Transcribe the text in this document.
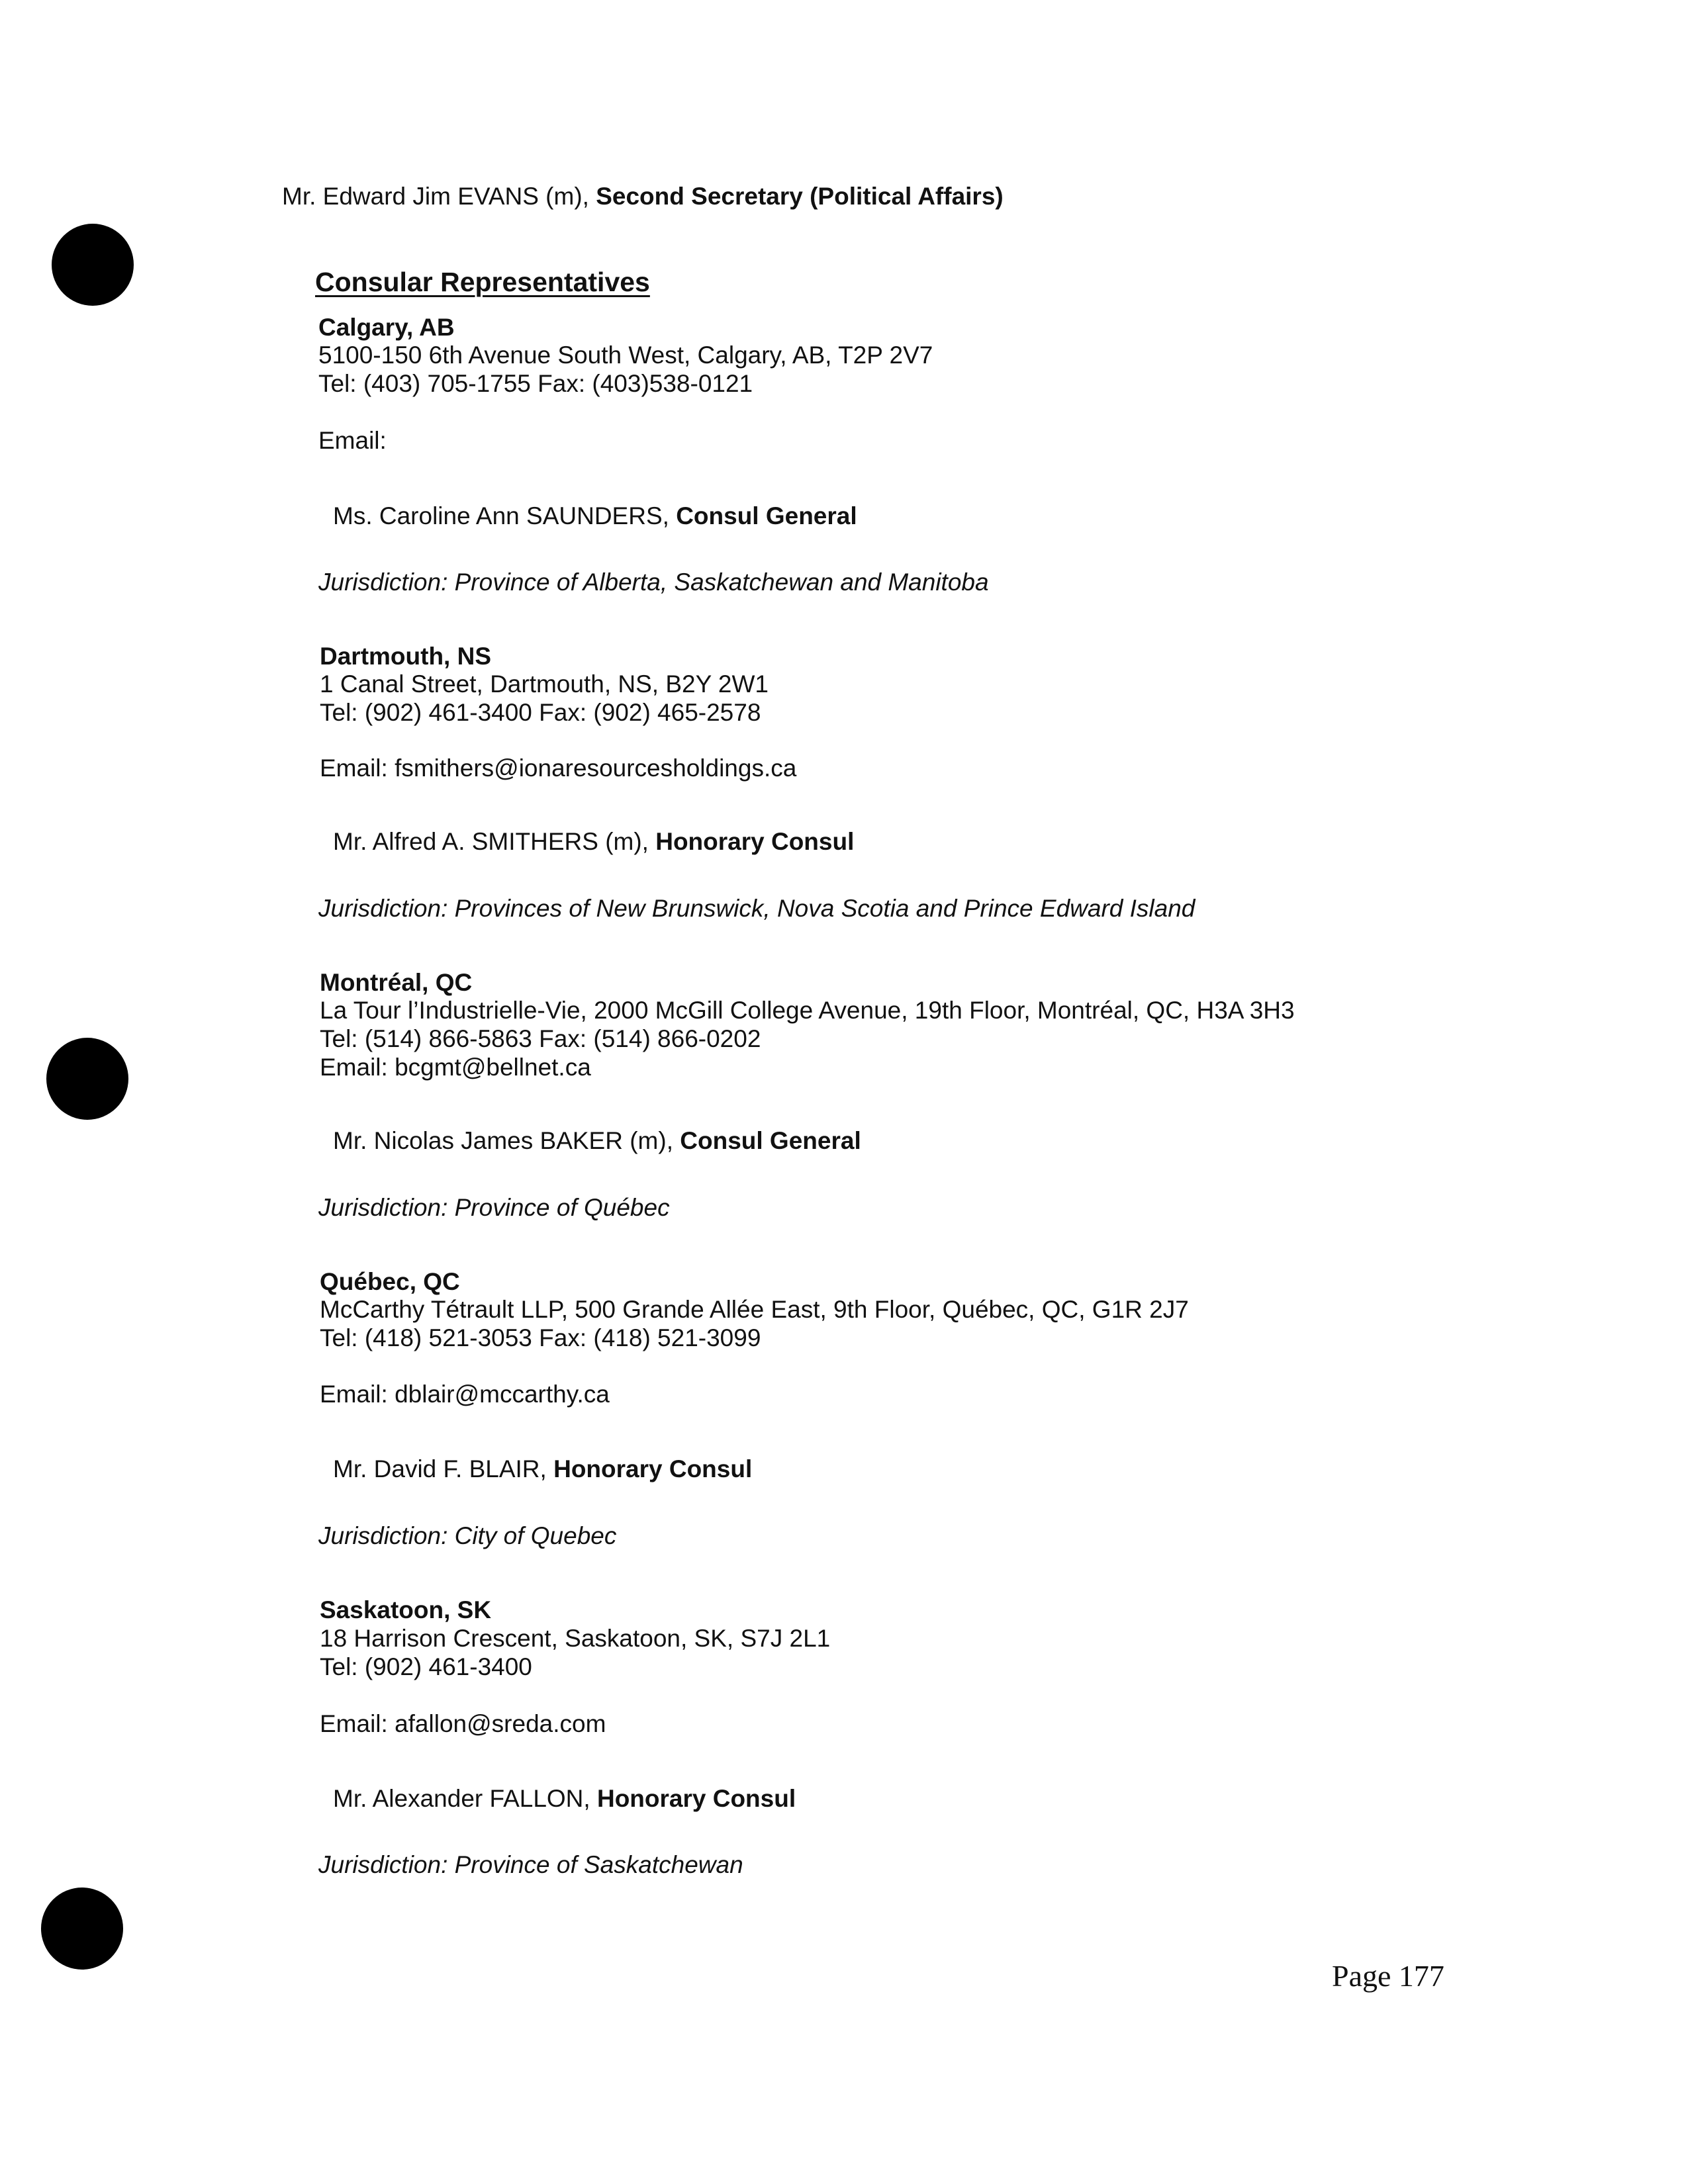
Mr. Edward Jim EVANS (m), Second Secretary (Political Affairs)
Consular Representatives
Calgary, AB
5100-150 6th Avenue South West, Calgary, AB, T2P 2V7
Tel: (403) 705-1755 Fax: (403)538-0121
Email:
Ms. Caroline Ann SAUNDERS, Consul General
Jurisdiction: Province of Alberta, Saskatchewan and Manitoba
Dartmouth, NS
1 Canal Street, Dartmouth, NS, B2Y 2W1
Tel: (902) 461-3400 Fax: (902) 465-2578
Email: fsmithers@ionaresourcesholdings.ca
Mr. Alfred A. SMITHERS (m), Honorary Consul
Jurisdiction: Provinces of New Brunswick, Nova Scotia and Prince Edward Island
Montréal, QC
La Tour l’Industrielle-Vie, 2000 McGill College Avenue, 19th Floor, Montréal, QC, H3A 3H3
Tel: (514) 866-5863 Fax: (514) 866-0202
Email: bcgmt@bellnet.ca
Mr. Nicolas James BAKER (m), Consul General
Jurisdiction: Province of Québec
Québec, QC
McCarthy Tétrault LLP, 500 Grande Allée East, 9th Floor, Québec, QC, G1R 2J7
Tel: (418) 521-3053 Fax: (418) 521-3099
Email: dblair@mccarthy.ca
Mr. David F. BLAIR, Honorary Consul
Jurisdiction: City of Quebec
Saskatoon, SK
18 Harrison Crescent, Saskatoon, SK, S7J 2L1
Tel: (902) 461-3400
Email: afallon@sreda.com
Mr. Alexander FALLON, Honorary Consul
Jurisdiction: Province of Saskatchewan
Page 177
